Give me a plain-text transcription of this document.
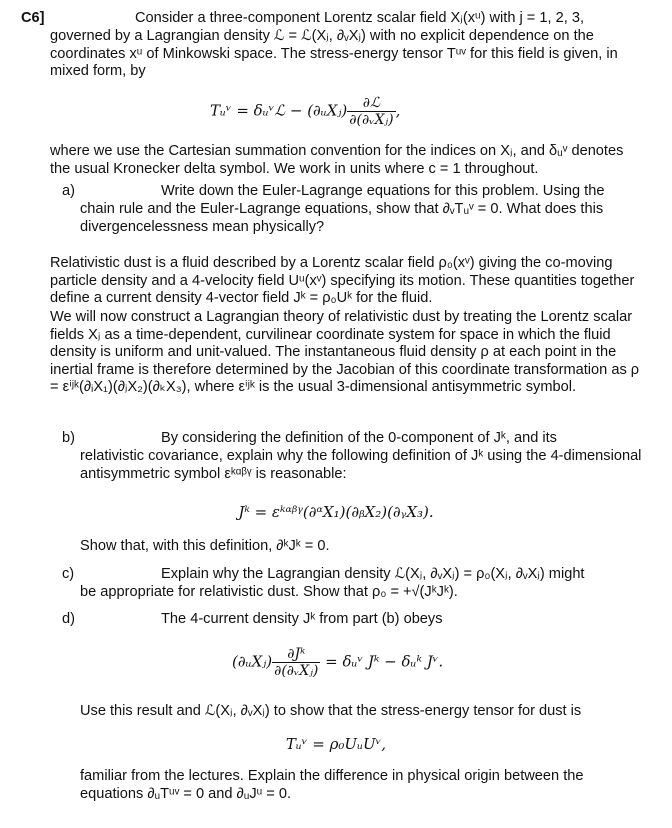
C6]	Consider a three-component Lorentz scalar field Xⱼ(xᵘ) with j = 1, 2, 3,

governed by a Lagrangian density ℒ = ℒ(Xⱼ, ∂ᵥXⱼ) with no explicit dependence on the coordinates xᵘ of Minkowski space. The stress-energy tensor Tᵘᵛ for this field is given, in mixed form, by

Tᵤᵛ = δᵤᵛℒ − (∂ᵤXⱼ) $\frac{\text{∂ℒ}}{\text{∂(∂ᵥXⱼ)}}$ ,

where we use the Cartesian summation convention for the indices on Xⱼ, and δᵤᵛ denotes the usual Kronecker delta symbol. We work in units where c = 1 throughout.

a)	Write down the Euler-Lagrange equations for this problem. Using the

chain rule and the Euler-Lagrange equations, show that ∂ᵥTᵤᵛ = 0. What does this divergencelessness mean physically?

Relativistic dust is a fluid described by a Lorentz scalar field ρ₀(xᵛ) giving the co-moving particle density and a 4-velocity field Uᵘ(xᵛ) specifying its motion. These quantities together define a current density 4-vector field Jᵏ = ρ₀Uᵏ for the fluid.

We will now construct a Lagrangian theory of relativistic dust by treating the Lorentz scalar fields Xⱼ as a time-dependent, curvilinear coordinate system for space in which the fluid density is uniform and unit-valued. The instantaneous fluid density ρ at each point in the inertial frame is therefore determined by the Jacobian of this coordinate transformation as ρ = εⁱʲᵏ(∂ᵢX₁)(∂ⱼX₂)(∂ₖX₃), where εⁱʲᵏ is the usual 3-dimensional antisymmetric symbol.

b)	By considering the definition of the 0-component of Jᵏ, and its

relativistic covariance, explain why the following definition of Jᵏ using the 4-dimensional antisymmetric symbol εᵏᵅᵝᵞ is reasonable:

Jᵏ = εᵏᵅᵝᵞ(∂ᵅX₁)(∂ᵦX₂)(∂ᵧX₃).

Show that, with this definition, ∂ᵏJᵏ = 0.

c)	Explain why the Lagrangian density ℒ(Xⱼ, ∂ᵥXⱼ) = ρ₀(Xⱼ, ∂ᵥXⱼ) might

be appropriate for relativistic dust. Show that ρ₀ = +√(JᵏJᵏ).

d)	The 4-current density Jᵏ from part (b) obeys
(∂ᵤXⱼ) $\frac{\text{∂Jᵏ}}{\text{∂(∂ᵥXⱼ)}}$ = δᵤᵛ Jᵏ − δᵤᵏ Jᵛ.

Use this result and ℒ(Xⱼ, ∂ᵥXⱼ) to show that the stress-energy tensor for dust is

Tᵤᵛ = ρ₀UᵤUᵛ,

familiar from the lectures. Explain the difference in physical origin between the equations ∂ᵤTᵘᵛ = 0 and ∂ᵤJᵘ = 0.
